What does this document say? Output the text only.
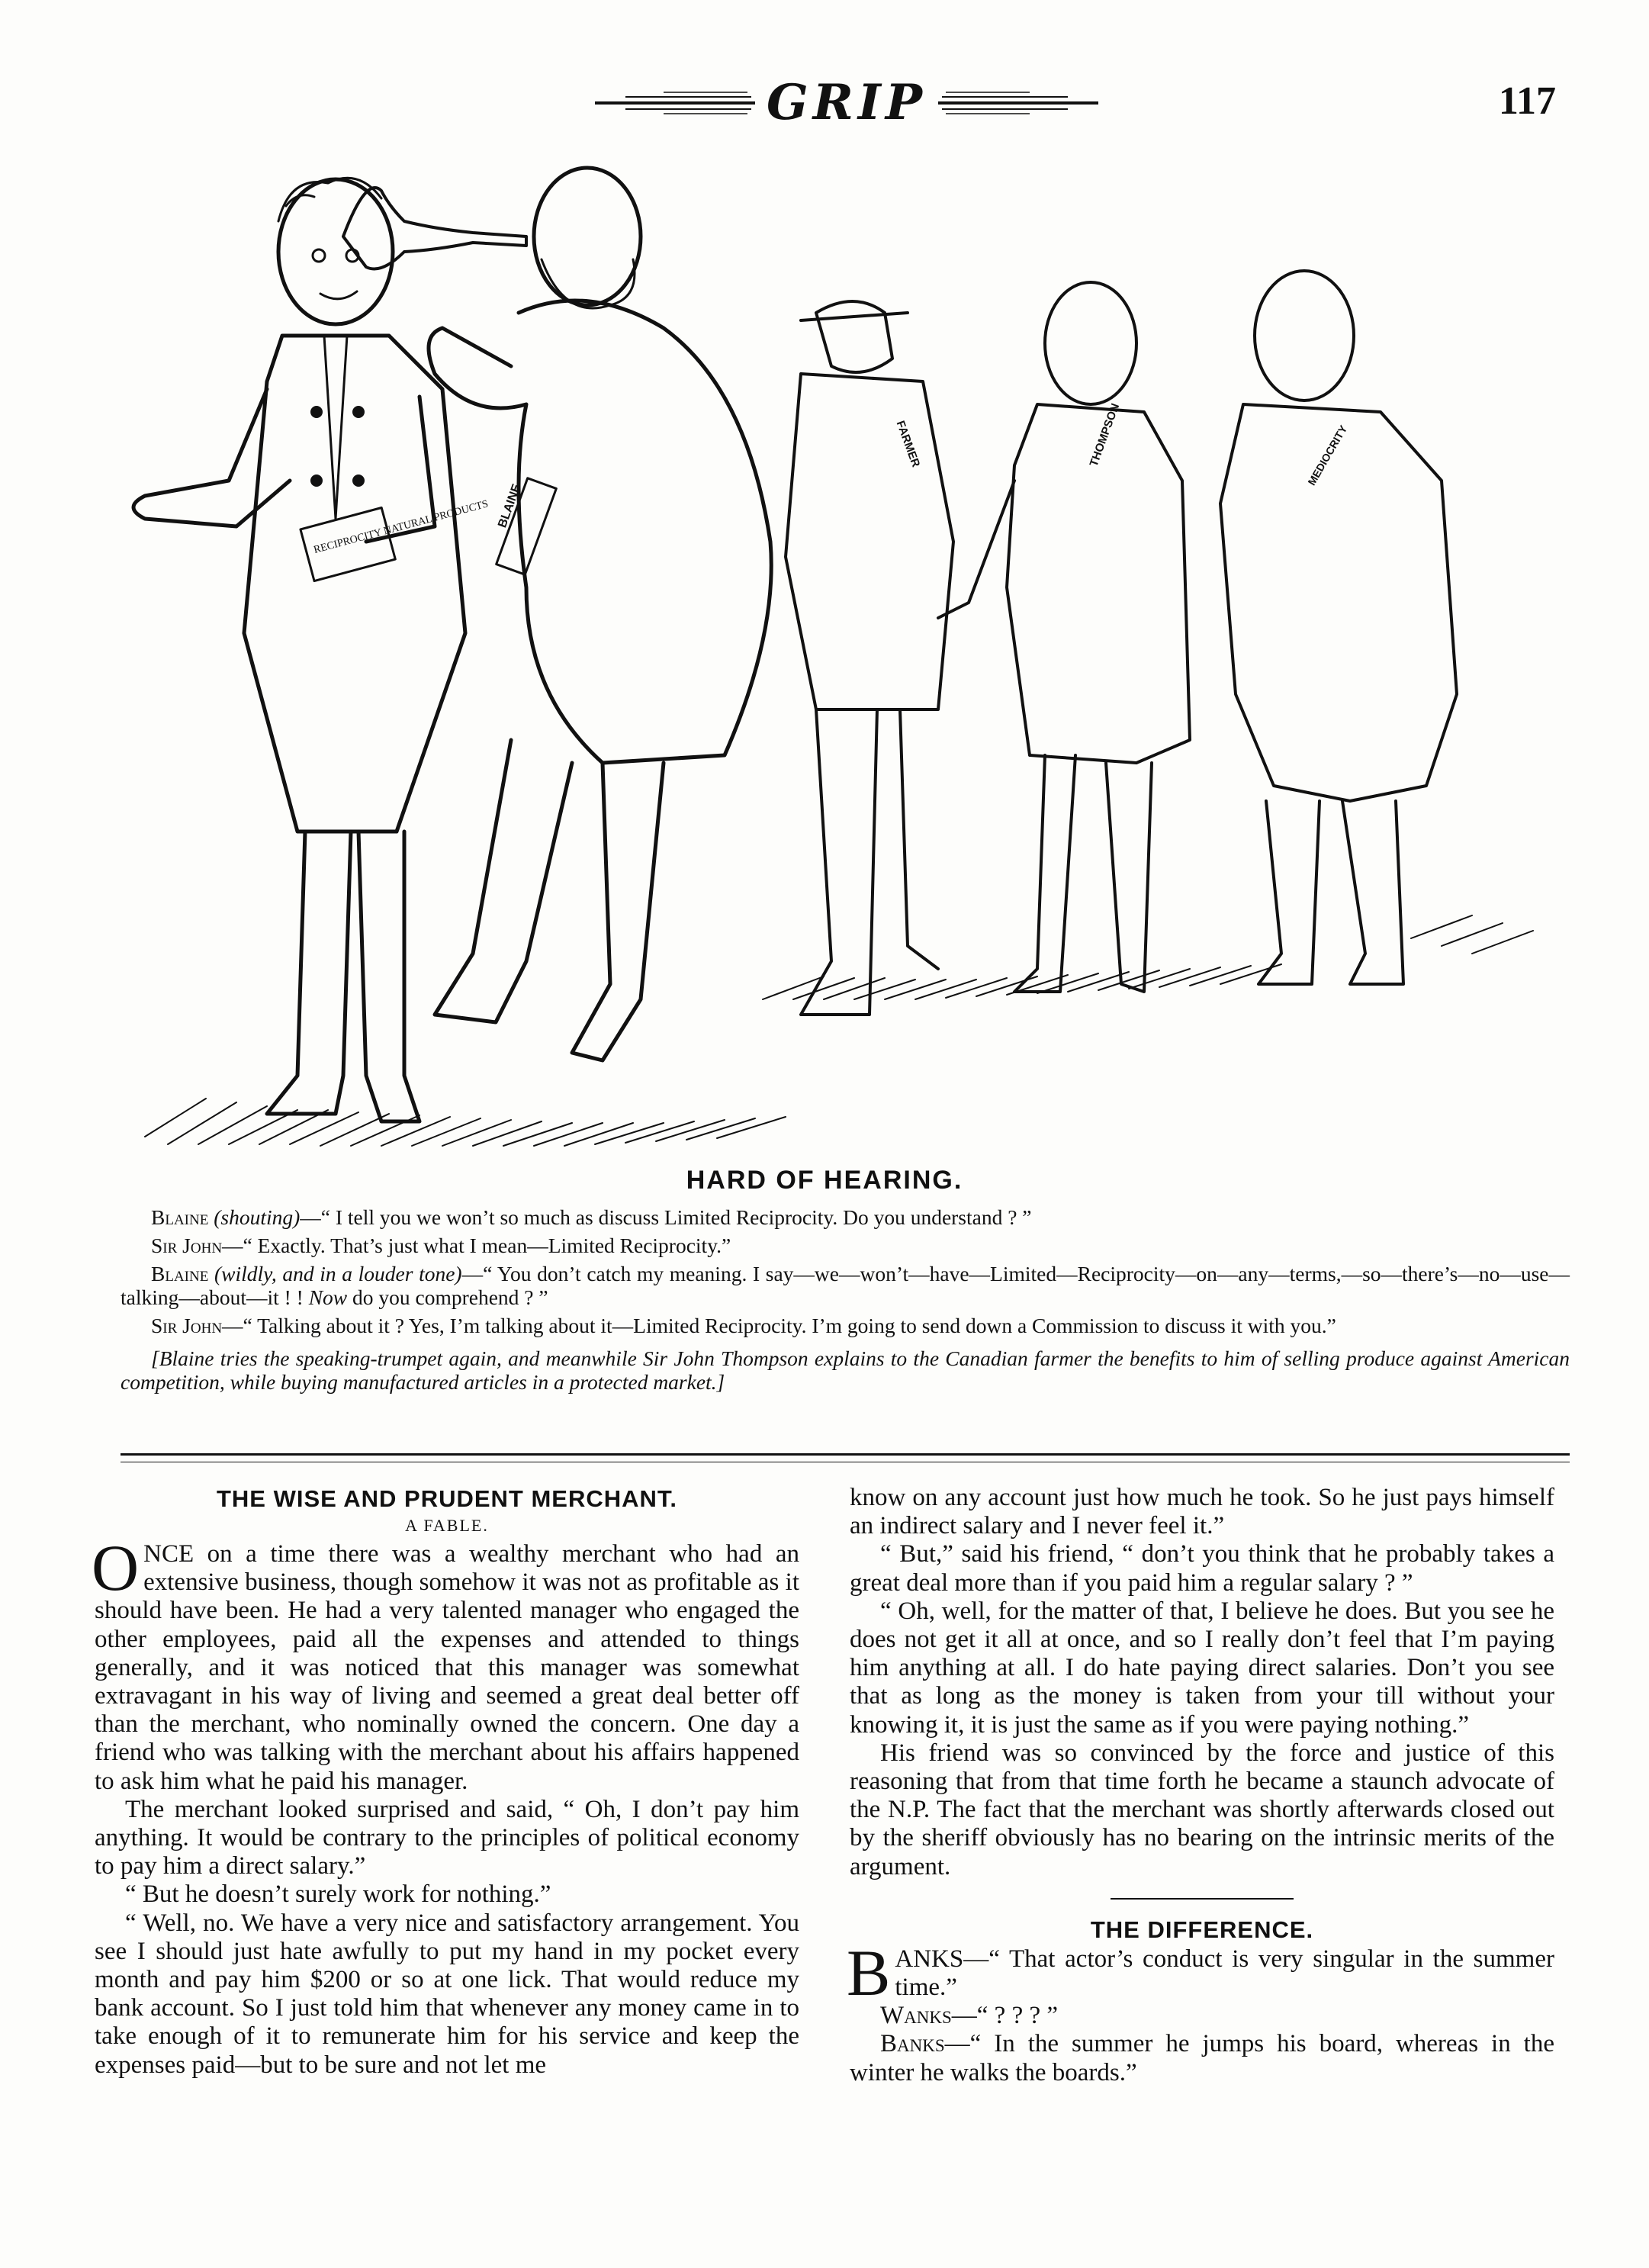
GRIP	117
RECIPROCITY NATURAL PRODUCTS BLAINE
FARMER	THOMPSON	MEDIOCRITY
HARD OF HEARING.

Blaine (shouting)—“ I tell you we won’t so much as discuss Limited Reciprocity. Do you understand ? ”

Sir John—“ Exactly. That’s just what I mean—Limited Reciprocity.”

Blaine (wildly, and in a louder tone)—“ You don’t catch my meaning. I say—we—won’t—have—Limited—Reciprocity—on—any—terms,—so—there’s—no—use—talking—about—it ! ! Now do you comprehend ? ”

Sir John—“ Talking about it ? Yes, I’m talking about it—Limited Reciprocity. I’m going to send down a Commission to discuss it with you.”

[Blaine tries the speaking-trumpet again, and meanwhile Sir John Thompson explains to the Canadian farmer the benefits to him of selling produce against American competition, while buying manufactured articles in a protected market.]

THE WISE AND PRUDENT MERCHANT.
A FABLE.

ONCE on a time there was a wealthy merchant who had an extensive business, though somehow it was not as profitable as it should have been. He had a very talented manager who engaged the other employees, paid all the expenses and attended to things generally, and it was noticed that this manager was somewhat extravagant in his way of living and seemed a great deal better off than the merchant, who nominally owned the concern. One day a friend who was talking with the merchant about his affairs happened to ask him what he paid his manager.

The merchant looked surprised and said, “ Oh, I don’t pay him anything. It would be contrary to the principles of political economy to pay him a direct salary.”

“ But he doesn’t surely work for nothing.”

“ Well, no. We have a very nice and satisfactory arrangement. You see I should just hate awfully to put my hand in my pocket every month and pay him $200 or so at one lick. That would reduce my bank account. So I just told him that whenever any money came in to take enough of it to remunerate him for his service and keep the expenses paid—but to be sure and not let me

know on any account just how much he took. So he just pays himself an indirect salary and I never feel it.”

“ But,” said his friend, “ don’t you think that he probably takes a great deal more than if you paid him a regular salary ? ”

“ Oh, well, for the matter of that, I believe he does. But you see he does not get it all at once, and so I really don’t feel that I’m paying him anything at all. I do hate paying direct salaries. Don’t you see that as long as the money is taken from your till without your knowing it, it is just the same as if you were paying nothing.”

His friend was so convinced by the force and justice of this reasoning that from that time forth he became a staunch advocate of the N.P. The fact that the merchant was shortly afterwards closed out by the sheriff obviously has no bearing on the intrinsic merits of the argument.

THE DIFFERENCE.

BANKS—“ That actor’s conduct is very singular in the summer time.”

Wanks—“ ? ? ? ”

Banks—“ In the summer he jumps his board, whereas in the winter he walks the boards.”
